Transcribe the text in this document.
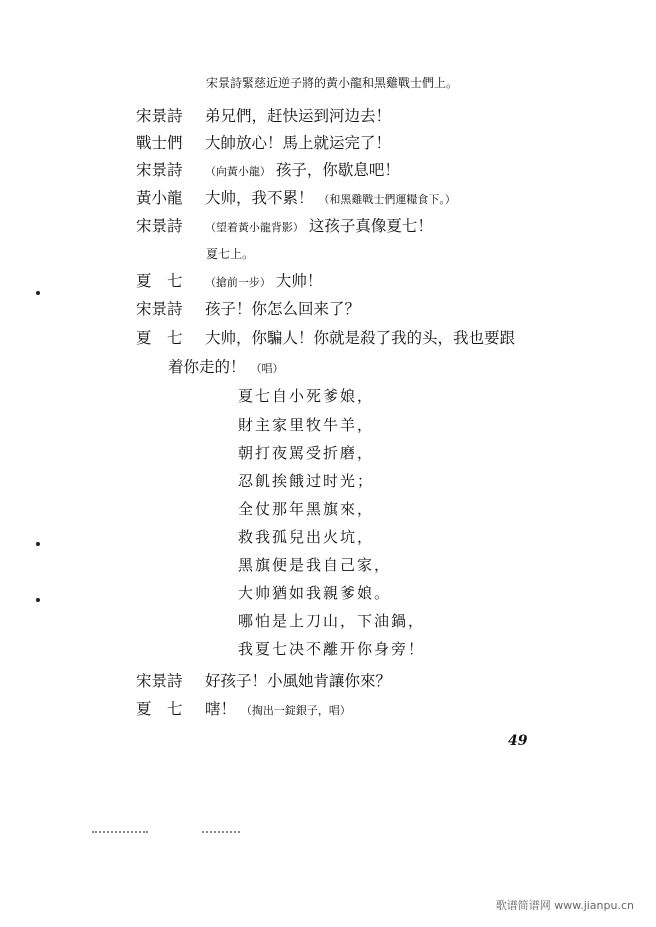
宋景詩緊慈近逆子將的黃小龍和黑雞戰士們上。
宋景詩 弟兄們，赶快运到河边去！
戰士們 大帥放心！馬上就运完了！
宋景詩 （向黃小龍） 孩子，你歇息吧！
黃小龍 大帅，我不累！ （和黑雞戰士們運糧食下。）
宋景詩 （望着黃小龍背影） 这孩子真像夏七！
夏七上。
夏　七 （搶前一步） 大帅！
宋景詩 孩子！你怎么回来了？
夏　七 大帅，你騙人！你就是殺了我的头，我也要跟
着你走的！ （唱）
夏七自小死爹娘，
財主家里牧牛羊，
朝打夜駡受折磨，
忍飢挨餓过时光；
全仗那年黑旗來，
救我孤兒出火坑，
黑旗便是我自己家，
大帅猶如我親爹娘。
哪怕是上刀山，下油鍋，
我夏七决不離开你身旁！
宋景詩 好孩子！小風她肯讓你來？
夏　七 嗐！ （掏出一錠銀子，唱）
49
歌谱简谱网 www.jianpu.cn
